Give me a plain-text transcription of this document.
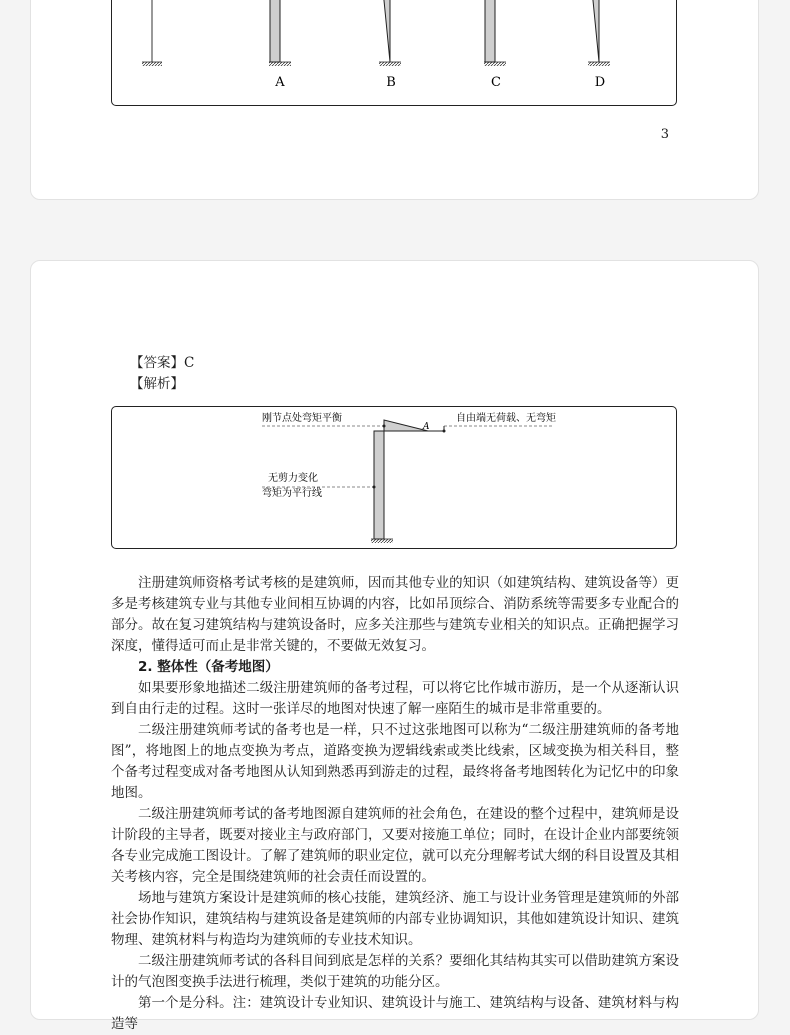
A	B	C	D
3
【答案】C
【解析】
刚节点处弯矩平衡	自由端无荷载、无弯矩
无剪力变化
弯矩为平行线
A

注册建筑师资格考试考核的是建筑师，因而其他专业的知识（如建筑结构、建筑设备等）更多是考核建筑专业与其他专业间相互协调的内容，比如吊顶综合、消防系统等需要多专业配合的部分。故在复习建筑结构与建筑设备时，应多关注那些与建筑专业相关的知识点。正确把握学习深度，懂得适可而止是非常关键的，不要做无效复习。

2. 整体性（备考地图）

如果要形象地描述二级注册建筑师的备考过程，可以将它比作城市游历，是一个从逐渐认识到自由行走的过程。这时一张详尽的地图对快速了解一座陌生的城市是非常重要的。

二级注册建筑师考试的备考也是一样，只不过这张地图可以称为“二级注册建筑师的备考地图”，将地图上的地点变换为考点，道路变换为逻辑线索或类比线索，区域变换为相关科目，整个备考过程变成对备考地图从认知到熟悉再到游走的过程，最终将备考地图转化为记忆中的印象地图。

二级注册建筑师考试的备考地图源自建筑师的社会角色，在建设的整个过程中，建筑师是设计阶段的主导者，既要对接业主与政府部门，又要对接施工单位；同时，在设计企业内部要统领各专业完成施工图设计。了解了建筑师的职业定位，就可以充分理解考试大纲的科目设置及其相关考核内容，完全是围绕建筑师的社会责任而设置的。

场地与建筑方案设计是建筑师的核心技能，建筑经济、施工与设计业务管理是建筑师的外部社会协作知识，建筑结构与建筑设备是建筑师的内部专业协调知识，其他如建筑设计知识、建筑物理、建筑材料与构造均为建筑师的专业技术知识。

二级注册建筑师考试的各科目间到底是怎样的关系？要细化其结构其实可以借助建筑方案设计的气泡图变换手法进行梳理，类似于建筑的功能分区。

第一个是分科。注：建筑设计专业知识、建筑设计与施工、建筑结构与设备、建筑材料与构造等
